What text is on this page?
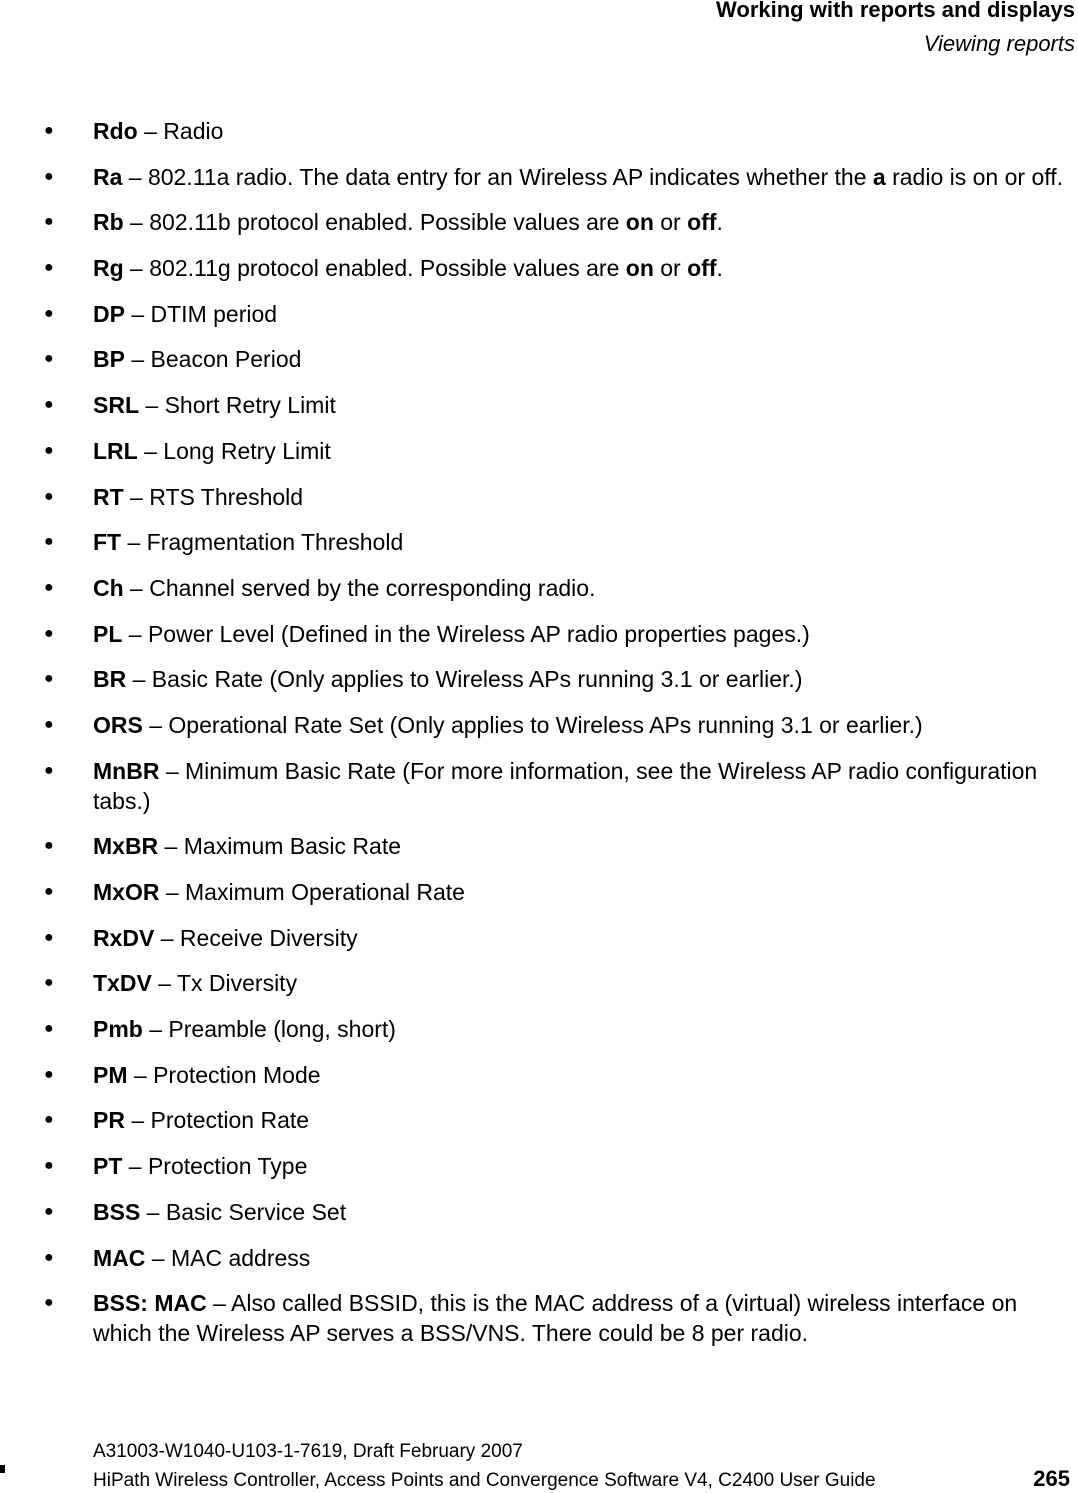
Working with reports and displays
Viewing reports
● Rdo – Radio
● Ra – 802.11a radio. The data entry for an Wireless AP indicates whether the a radio is on or off.
● Rb – 802.11b protocol enabled. Possible values are on or off.
● Rg – 802.11g protocol enabled. Possible values are on or off.
● DP – DTIM period
● BP – Beacon Period
● SRL – Short Retry Limit
● LRL – Long Retry Limit
● RT – RTS Threshold
● FT – Fragmentation Threshold
● Ch – Channel served by the corresponding radio.
● PL – Power Level (Defined in the Wireless AP radio properties pages.)
● BR – Basic Rate (Only applies to Wireless APs running 3.1 or earlier.)
● ORS – Operational Rate Set (Only applies to Wireless APs running 3.1 or earlier.)
● MnBR – Minimum Basic Rate (For more information, see the Wireless AP radio configuration tabs.)
● MxBR – Maximum Basic Rate
● MxOR – Maximum Operational Rate
● RxDV – Receive Diversity
● TxDV – Tx Diversity
● Pmb – Preamble (long, short)
● PM – Protection Mode
● PR – Protection Rate
● PT – Protection Type
● BSS – Basic Service Set
● MAC – MAC address
● BSS: MAC – Also called BSSID, this is the MAC address of a (virtual) wireless interface on which the Wireless AP serves a BSS/VNS. There could be 8 per radio.
A31003-W1040-U103-1-7619, Draft February 2007
HiPath Wireless Controller, Access Points and Convergence Software V4, C2400 User Guide	265
